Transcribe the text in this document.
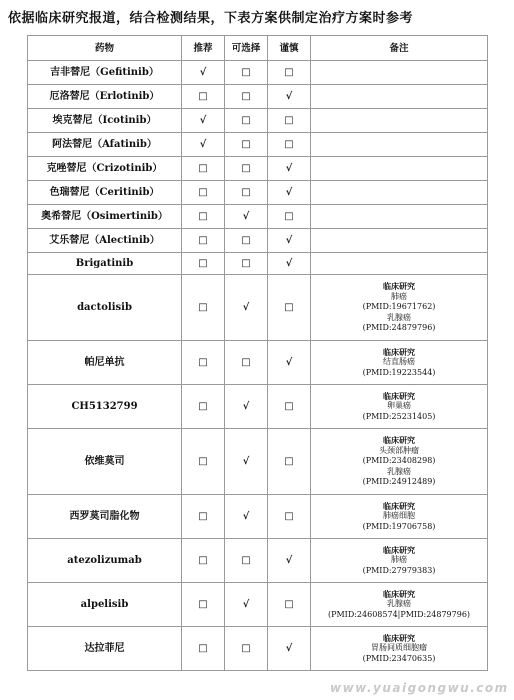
依据临床研究报道，结合检测结果，下表方案供制定治疗方案时参考
药物	推荐	可选择	谨慎	备注
吉非替尼（Gefitinib）	√	□	□	
厄洛替尼（Erlotinib）	□	□	√	
埃克替尼（Icotinib）	√	□	□	
阿法替尼（Afatinib）	√	□	□	
克唑替尼（Crizotinib）	□	□	√	
色瑞替尼（Ceritinib）	□	□	√	
奥希替尼（Osimertinib）	□	√	□	
艾乐替尼（Alectinib）	□	□	√	
Brigatinib	□	□	√	
dactolisib	□	√	□	临床研究
肺癌
(PMID:19671762)
乳腺癌
(PMID:24879796)

帕尼单抗	□	□	√	临床研究
结直肠癌
(PMID:19223544)

CH5132799	□	√	□	临床研究
卵巢癌
(PMID:25231405)

依维莫司	□	√	□	临床研究
头颈部肿瘤
(PMID:23408298)
乳腺癌
(PMID:24912489)

西罗莫司脂化物	□	√	□	临床研究
肺癌细胞
(PMID:19706758)

atezolizumab	□	□	√	临床研究
肺癌
(PMID:27979383)

alpelisib	□	√	□	临床研究
乳腺癌
(PMID:24608574|PMID:24879796)

达拉菲尼	□	□	√	临床研究
胃肠间质细胞瘤
(PMID:23470635)
www.yuaigongwu.com
